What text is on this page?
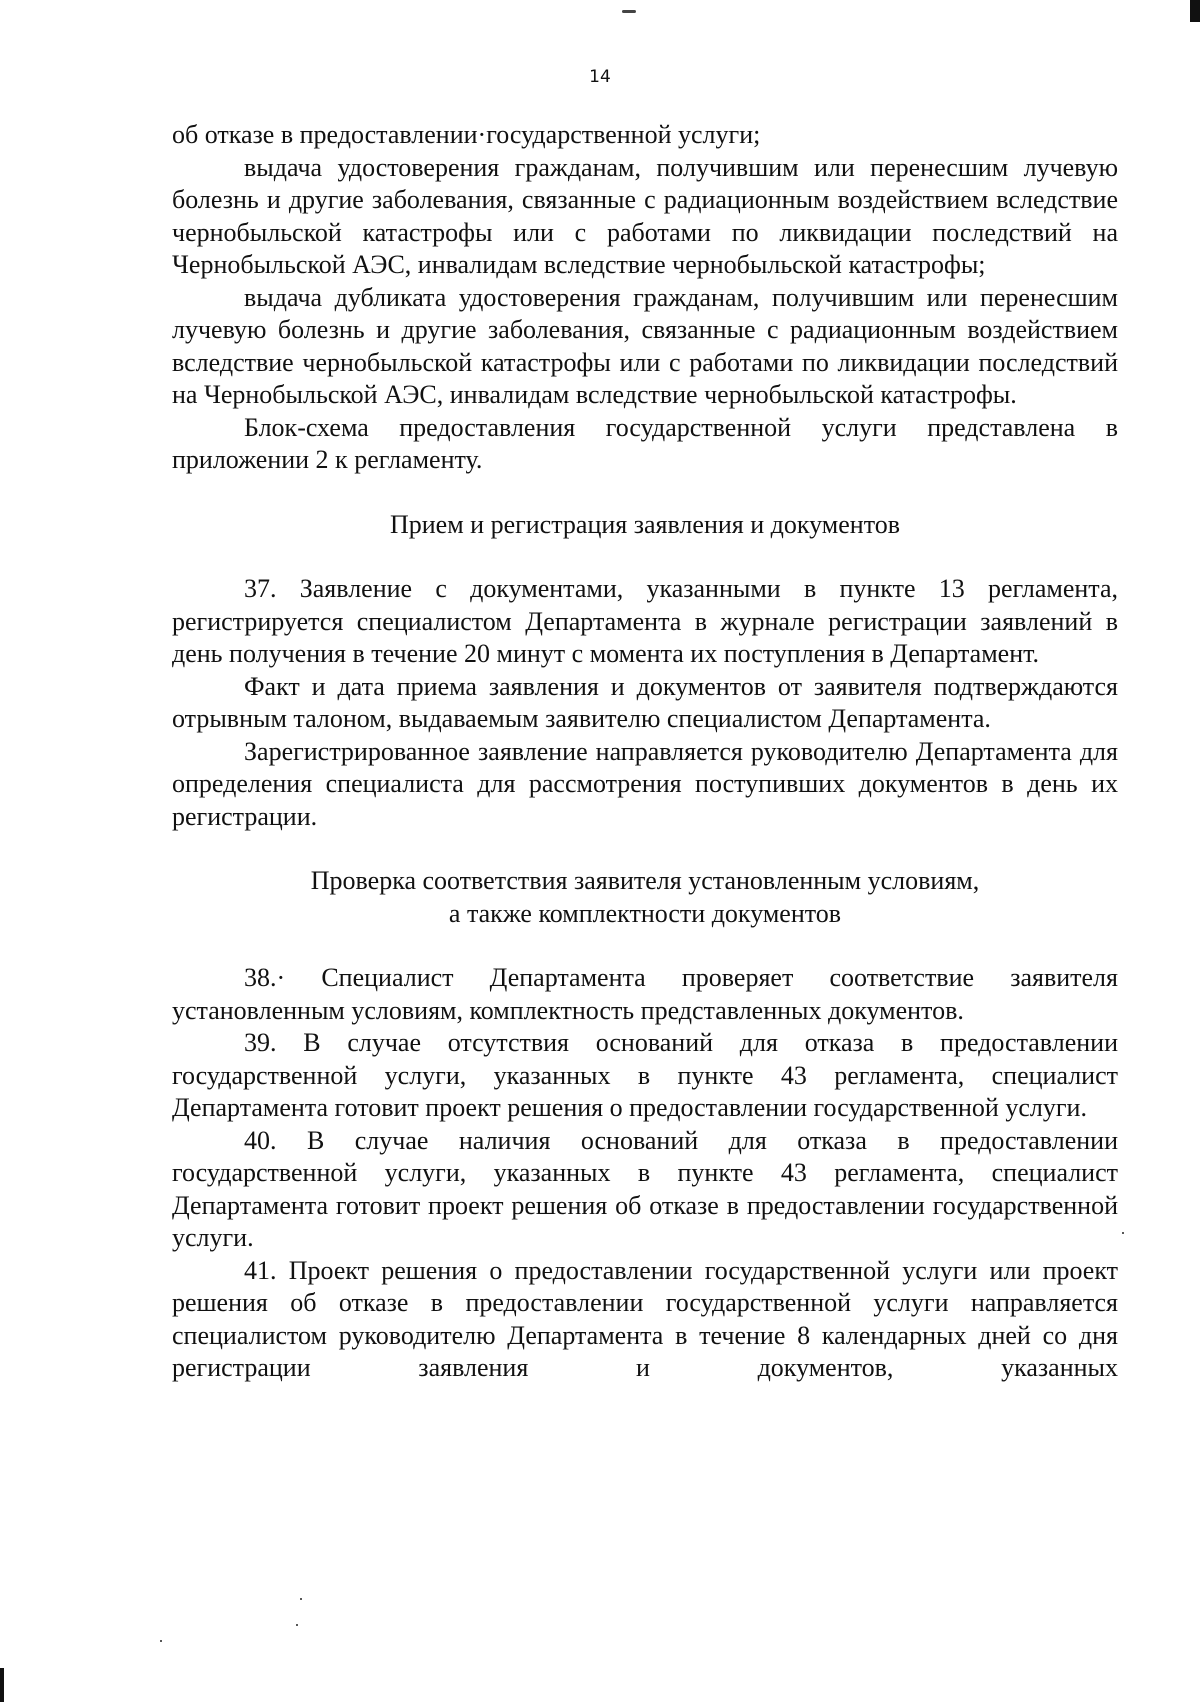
14

об отказе в предоставлении·государственной услуги;

выдача удостоверения гражданам, получившим или перенесшим лучевую болезнь и другие заболевания, связанные с радиационным воздействием вследствие чернобыльской катастрофы или с работами по ликвидации последствий на Чернобыльской АЭС, инвалидам вследствие чернобыльской катастрофы;

выдача дубликата удостоверения гражданам, получившим или перенесшим лучевую болезнь и другие заболевания, связанные с радиационным воздействием вследствие чернобыльской катастрофы или с работами по ликвидации последствий на Чернобыльской АЭС, инвалидам вследствие чернобыльской катастрофы.

Блок-схема предоставления государственной услуги представлена в приложении 2 к регламенту.

Прием и регистрация заявления и документов

37. Заявление с документами, указанными в пункте 13 регламента, регистрируется специалистом Департамента в журнале регистрации заявлений в день получения в течение 20 минут с момента их поступления в Департамент.

Факт и дата приема заявления и документов от заявителя подтверждаются отрывным талоном, выдаваемым заявителю специалистом Департамента.

Зарегистрированное заявление направляется руководителю Департамента для определения специалиста для рассмотрения поступивших документов в день их регистрации.

Проверка соответствия заявителя установленным условиям,

а также комплектности документов

38.· Специалист Департамента проверяет соответствие заявителя установленным условиям, комплектность представленных документов.

39. В случае отсутствия оснований для отказа в предоставлении государственной услуги, указанных в пункте 43 регламента, специалист Департамента готовит проект решения о предоставлении государственной услуги.

40. В случае наличия оснований для отказа в предоставлении государственной услуги, указанных в пункте 43 регламента, специалист Департамента готовит проект решения об отказе в предоставлении государственной услуги.

41. Проект решения о предоставлении государственной услуги или проект решения об отказе в предоставлении государственной услуги направляется специалистом руководителю Департамента в течение 8 календарных дней со дня регистрации заявления и документов, указанных
